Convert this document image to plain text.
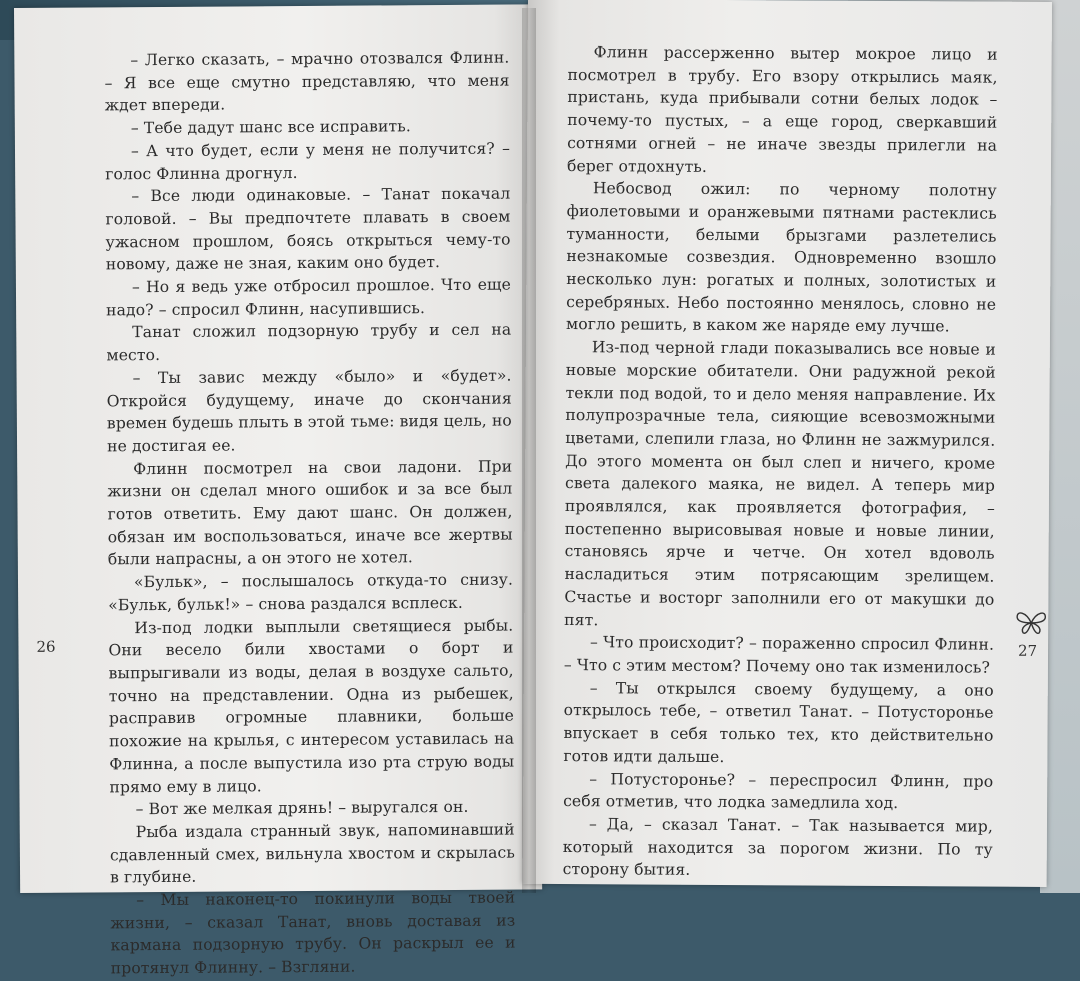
– Легко сказать, – мрачно отозвался Флинн. – Я все еще смутно представляю, что меня ждет впереди.

– Тебе дадут шанс все исправить.

– А что будет, если у меня не получится? – голос Флинна дрогнул.

– Все люди одинаковые. – Танат покачал головой. – Вы предпочтете плавать в своем ужасном прошлом, боясь открыться чему-то новому, даже не зная, каким оно будет.

– Но я ведь уже отбросил прошлое. Что еще надо? – спросил Флинн, насупившись.

Танат сложил подзорную трубу и сел на место.

– Ты завис между «было» и «будет». Откройся будущему, иначе до скончания времен будешь плыть в этой тьме: видя цель, но не достигая ее.

Флинн посмотрел на свои ладони. При жизни он сделал много ошибок и за все был готов ответить. Ему дают шанс. Он должен, обязан им воспользоваться, иначе все жертвы были напрасны, а он этого не хотел.

«Бульк», – послышалось откуда-то снизу. «Бульк, бульк!» – снова раздался всплеск.

Из-под лодки выплыли светящиеся рыбы. Они весело били хвостами о борт и выпрыгивали из воды, делая в воздухе сальто, точно на представлении. Одна из рыбешек, расправив огромные плавники, больше похожие на крылья, с интересом уставилась на Флинна, а после выпустила изо рта струю воды прямо ему в лицо.

– Вот же мелкая дрянь! – выругался он.

Рыба издала странный звук, напоминавший сдавленный смех, вильнула хвостом и скрылась в глубине.

– Мы наконец-то покинули воды твоей жизни, – сказал Танат, вновь доставая из кармана подзорную трубу. Он раскрыл ее и протянул Флинну. – Взгляни.

26

Флинн рассерженно вытер мокрое лицо и посмотрел в трубу. Его взору открылись маяк, пристань, куда прибывали сотни белых лодок – почему-то пустых, – а еще город, сверкавший сотнями огней – не иначе звезды прилегли на берег отдохнуть.

Небосвод ожил: по черному полотну фиолетовыми и оранжевыми пятнами растеклись туманности, белыми брызгами разлетелись незнакомые созвездия. Одновременно взошло несколько лун: рогатых и полных, золотистых и серебряных. Небо постоянно менялось, словно не могло решить, в каком же наряде ему лучше.

Из-под черной глади показывались все новые и новые морские обитатели. Они радужной рекой текли под водой, то и дело меняя направление. Их полупрозрачные тела, сияющие всевозможными цветами, слепили глаза, но Флинн не зажмурился. До этого момента он был слеп и ничего, кроме света далекого маяка, не видел. А теперь мир проявлялся, как проявляется фотография, – постепенно вырисовывая новые и новые линии, становясь ярче и четче. Он хотел вдоволь насладиться этим потрясающим зрелищем. Счастье и восторг заполнили его от макушки до пят.

– Что происходит? – пораженно спросил Флинн. – Что с этим местом? Почему оно так изменилось?

– Ты открылся своему будущему, а оно открылось тебе, – ответил Танат. – Потусторонье впускает в себя только тех, кто действительно готов идти дальше.

– Потусторонье? – переспросил Флинн, про себя отметив, что лодка замедлила ход.

– Да, – сказал Танат. – Так называется мир, который находится за порогом жизни. По ту сторону бытия.

27
